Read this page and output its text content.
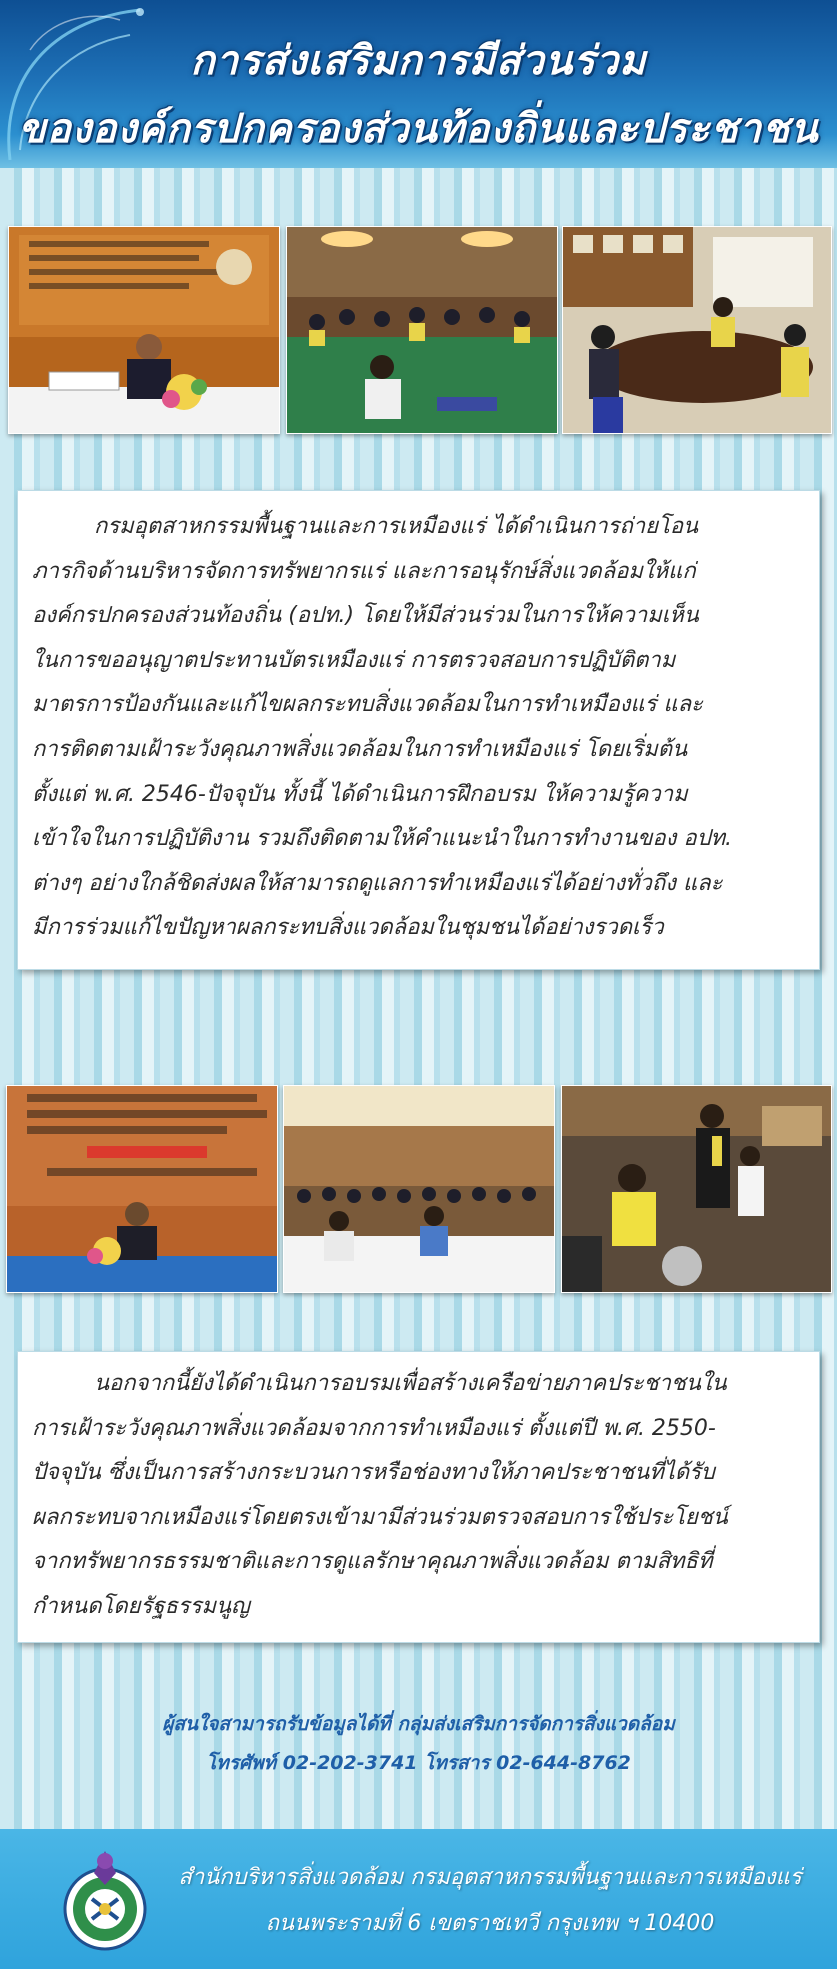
การส่งเสริมการมีส่วนร่วม
ขององค์กรปกครองส่วนท้องถิ่นและประชาชน
กรมอุตสาหกรรมพื้นฐานและการเหมืองแร่ ได้ดำเนินการถ่ายโอน
ภารกิจด้านบริหารจัดการทรัพยากรแร่ และการอนุรักษ์สิ่งแวดล้อมให้แก่
องค์กรปกครองส่วนท้องถิ่น (อปท.) โดยให้มีส่วนร่วมในการให้ความเห็น
ในการขออนุญาตประทานบัตรเหมืองแร่ การตรวจสอบการปฏิบัติตาม
มาตรการป้องกันและแก้ไขผลกระทบสิ่งแวดล้อมในการทำเหมืองแร่ และ
การติดตามเฝ้าระวังคุณภาพสิ่งแวดล้อมในการทำเหมืองแร่ โดยเริ่มต้น
ตั้งแต่ พ.ศ. 2546-ปัจจุบัน ทั้งนี้ ได้ดำเนินการฝึกอบรม ให้ความรู้ความ
เข้าใจในการปฏิบัติงาน รวมถึงติดตามให้คำแนะนำในการทำงานของ อปท.
ต่างๆ อย่างใกล้ชิดส่งผลให้สามารถดูแลการทำเหมืองแร่ได้อย่างทั่วถึง และ
มีการร่วมแก้ไขปัญหาผลกระทบสิ่งแวดล้อมในชุมชนได้อย่างรวดเร็ว
นอกจากนี้ยังได้ดำเนินการอบรมเพื่อสร้างเครือข่ายภาคประชาชนใน
การเฝ้าระวังคุณภาพสิ่งแวดล้อมจากการทำเหมืองแร่ ตั้งแต่ปี พ.ศ. 2550-
ปัจจุบัน ซึ่งเป็นการสร้างกระบวนการหรือช่องทางให้ภาคประชาชนที่ได้รับ
ผลกระทบจากเหมืองแร่โดยตรงเข้ามามีส่วนร่วมตรวจสอบการใช้ประโยชน์
จากทรัพยากรธรรมชาติและการดูแลรักษาคุณภาพสิ่งแวดล้อม ตามสิทธิที่
กำหนดโดยรัฐธรรมนูญ
ผู้สนใจสามารถรับข้อมูลได้ที่ กลุ่มส่งเสริมการจัดการสิ่งแวดล้อม
โทรศัพท์ 02-202-3741 โทรสาร 02-644-8762
สำนักบริหารสิ่งแวดล้อม กรมอุตสาหกรรมพื้นฐานและการเหมืองแร่
ถนนพระรามที่ 6 เขตราชเทวี กรุงเทพ ฯ 10400
